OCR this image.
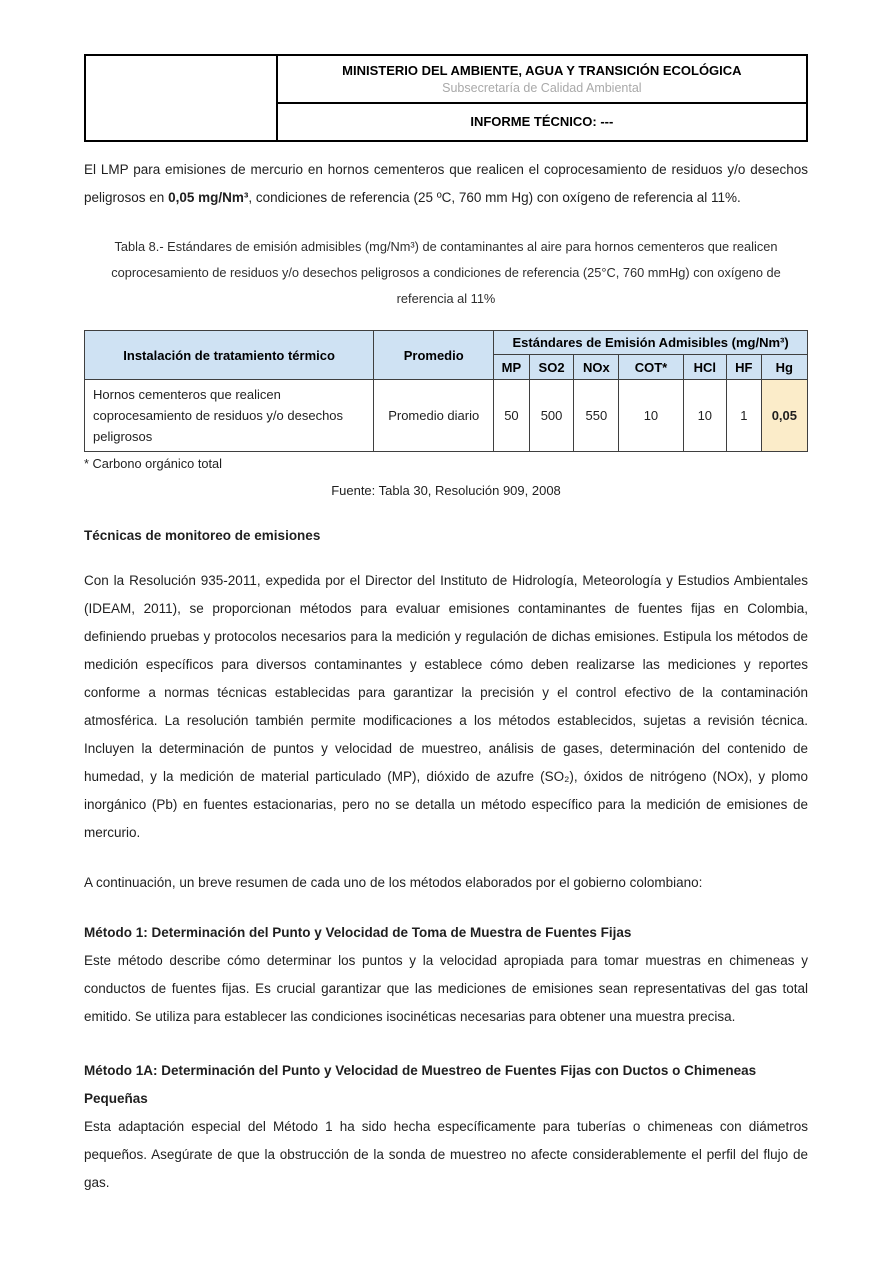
MINISTERIO DEL AMBIENTE, AGUA Y TRANSICIÓN ECOLÓGICA
Subsecretaría de Calidad Ambiental

INFORME TÉCNICO: ---

El LMP para emisiones de mercurio en hornos cementeros que realicen el coprocesamiento de residuos y/o desechos peligrosos en 0,05 mg/Nm³, condiciones de referencia (25 ºC, 760 mm Hg) con oxígeno de referencia al 11%.

Tabla 8.- Estándares de emisión admisibles (mg/Nm³) de contaminantes al aire para hornos cementeros que realicen coprocesamiento de residuos y/o desechos peligrosos a condiciones de referencia (25°C, 760 mmHg) con oxígeno de referencia al 11%

Instalación de tratamiento térmico	Promedio	Estándares de Emisión Admisibles (mg/Nm³)						
		MP	SO2	NOx	COT*	HCl	HF	Hg
Hornos cementeros que realicen coprocesamiento de residuos y/o desechos peligrosos	Promedio diario	50	500	550	10	10	1	0,05

* Carbono orgánico total

Fuente: Tabla 30, Resolución 909, 2008

Técnicas de monitoreo de emisiones

Con la Resolución 935-2011, expedida por el Director del Instituto de Hidrología, Meteorología y Estudios Ambientales (IDEAM, 2011), se proporcionan métodos para evaluar emisiones contaminantes de fuentes fijas en Colombia, definiendo pruebas y protocolos necesarios para la medición y regulación de dichas emisiones. Estipula los métodos de medición específicos para diversos contaminantes y establece cómo deben realizarse las mediciones y reportes conforme a normas técnicas establecidas para garantizar la precisión y el control efectivo de la contaminación atmosférica. La resolución también permite modificaciones a los métodos establecidos, sujetas a revisión técnica. Incluyen la determinación de puntos y velocidad de muestreo, análisis de gases, determinación del contenido de humedad, y la medición de material particulado (MP), dióxido de azufre (SO₂), óxidos de nitrógeno (NOx), y plomo inorgánico (Pb) en fuentes estacionarias, pero no se detalla un método específico para la medición de emisiones de mercurio.

A continuación, un breve resumen de cada uno de los métodos elaborados por el gobierno colombiano:

Método 1: Determinación del Punto y Velocidad de Toma de Muestra de Fuentes Fijas

Este método describe cómo determinar los puntos y la velocidad apropiada para tomar muestras en chimeneas y conductos de fuentes fijas. Es crucial garantizar que las mediciones de emisiones sean representativas del gas total emitido. Se utiliza para establecer las condiciones isocinéticas necesarias para obtener una muestra precisa.

Método 1A: Determinación del Punto y Velocidad de Muestreo de Fuentes Fijas con Ductos o Chimeneas Pequeñas

Esta adaptación especial del Método 1 ha sido hecha específicamente para tuberías o chimeneas con diámetros pequeños. Asegúrate de que la obstrucción de la sonda de muestreo no afecte considerablemente el perfil del flujo de gas.
